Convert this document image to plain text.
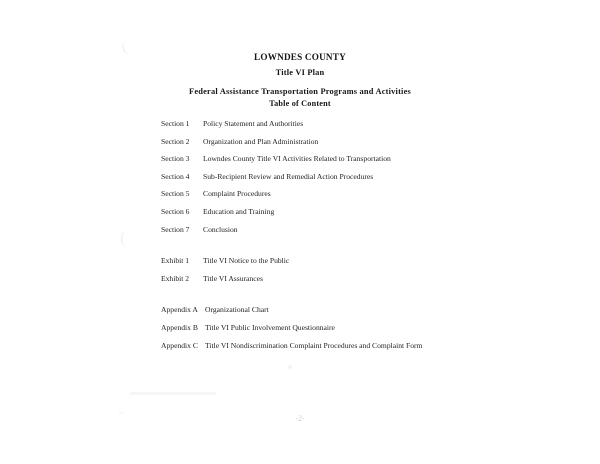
(
(
~
LOWNDES COUNTY
Title VI Plan
Federal Assistance Transportation Programs and Activities
Table of Content
Section 1	Policy Statement and Authorities
Section 2	Organization and Plan Administration
Section 3	Lowndes County Title VI Activities Related to Transportation
Section 4	Sub-Recipient Review and Remedial Action Procedures
Section 5	Complaint Procedures
Section 6	Education and Training
Section 7	Conclusion
Exhibit 1	Title VI Notice to the Public
Exhibit 2	Title VI Assurances
Appendix A Organizational Chart
Appendix B Title VI Public Involvement Questionnaire
Appendix C Title VI Nondiscrimination Complaint Procedures and Complaint Form
-2-
